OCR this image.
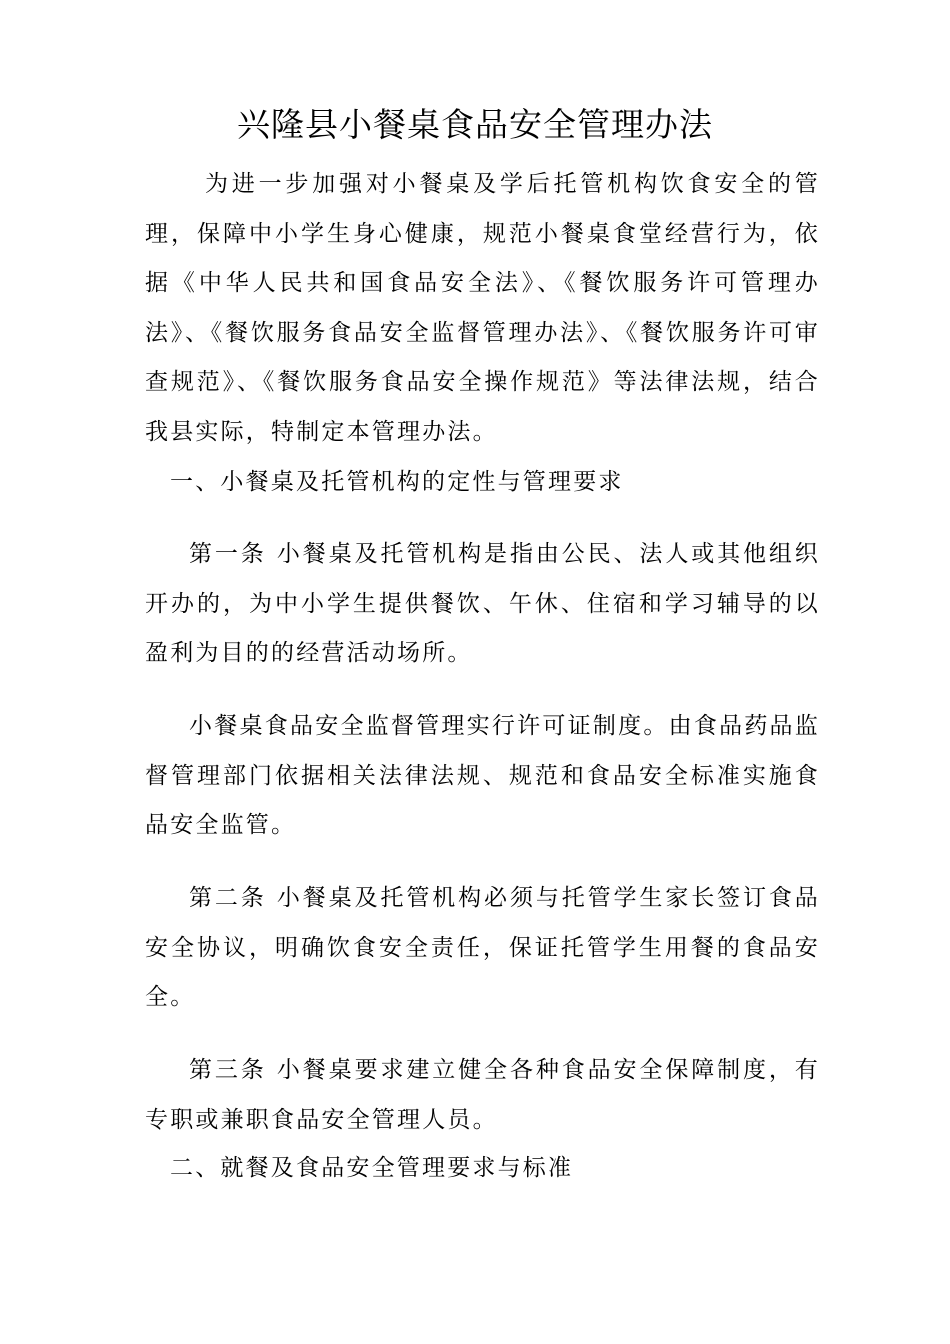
兴隆县小餐桌食品安全管理办法

为进一步加强对小餐桌及学后托管机构饮食安全的管理，保障中小学生身心健康，规范小餐桌食堂经营行为，依据《中华人民共和国食品安全法》、《餐饮服务许可管理办法》、《餐饮服务食品安全监督管理办法》、《餐饮服务许可审查规范》、《餐饮服务食品安全操作规范》等法律法规，结合我县实际，特制定本管理办法。

一、小餐桌及托管机构的定性与管理要求

第一条 小餐桌及托管机构是指由公民、法人或其他组织开办的，为中小学生提供餐饮、午休、住宿和学习辅导的以盈利为目的的经营活动场所。

小餐桌食品安全监督管理实行许可证制度。由食品药品监督管理部门依据相关法律法规、规范和食品安全标准实施食品安全监管。

第二条 小餐桌及托管机构必须与托管学生家长签订食品安全协议，明确饮食安全责任，保证托管学生用餐的食品安全。

第三条 小餐桌要求建立健全各种食品安全保障制度，有专职或兼职食品安全管理人员。

二、就餐及食品安全管理要求与标准
